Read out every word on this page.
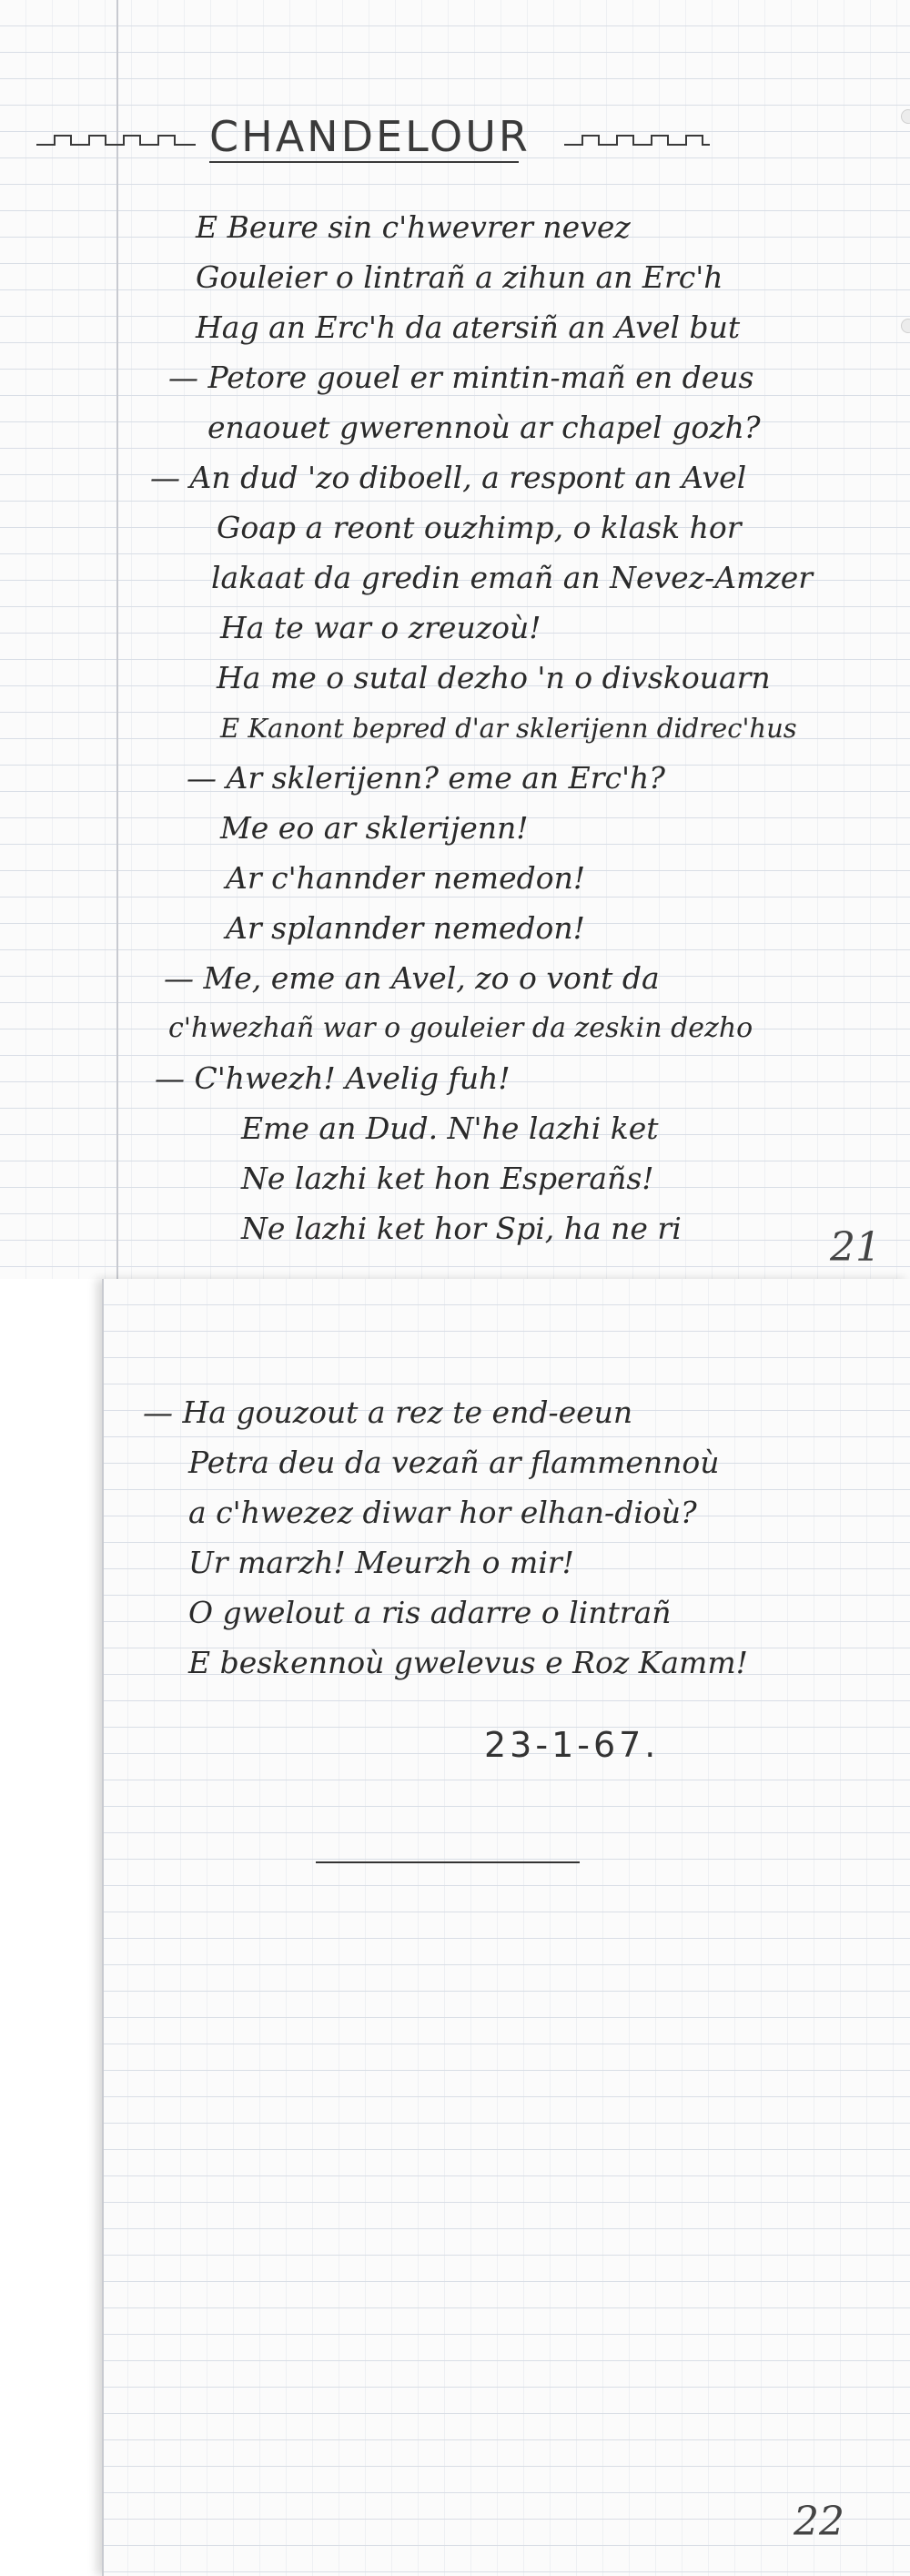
CHANDELOUR
E Beure sin c'hwevrer nevez
Gouleier o lintrañ a zihun an Erc'h
Hag an Erc'h da atersiñ an Avel but
— Petore gouel er mintin-mañ en deus
enaouet gwerennoù ar chapel gozh?
— An dud 'zo diboell, a respont an Avel
Goap a reont ouzhimp, o klask hor
lakaat da gredin emañ an Nevez-Amzer
Ha te war o zreuzoù!
Ha me o sutal dezho 'n o divskouarn
E Kanont bepred d'ar sklerijenn didrec'hus
— Ar sklerijenn? eme an Erc'h?
Me eo ar sklerijenn!
Ar c'hannder nemedon!
Ar splannder nemedon!
— Me, eme an Avel, zo o vont da
c'hwezhañ war o gouleier da zeskin dezho
— C'hwezh! Avelig fuh!
Eme an Dud. N'he lazhi ket
Ne lazhi ket hon Esperañs!
Ne lazhi ket hor Spi, ha ne ri	21
— Ha gouzout a rez te end-eeun
Petra deu da vezañ ar flammennoù
a c'hwezez diwar hor elhan-dioù?
Ur marzh! Meurzh o mir!
O gwelout a ris adarre o lintrañ
E beskennoù gwelevus e Roz Kamm!
23-1-67.
22
